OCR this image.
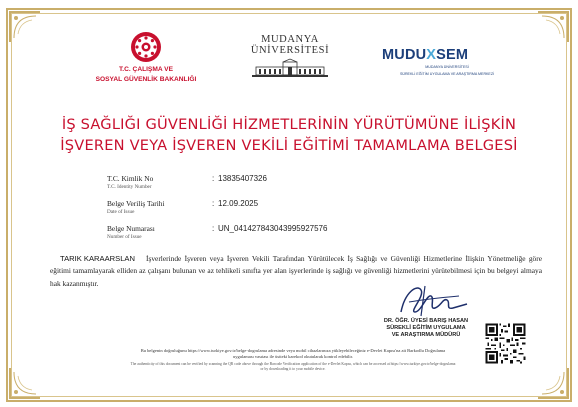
T.C. ÇALIŞMA VE
SOSYAL GÜVENLİK BAKANLIĞI
MUDANYA
ÜNİVERSİTESİ	MUDUXSEM
MUDANYA ÜNİVERSİTESİ
SÜREKLİ EĞİTİM UYGULAMA VE ARAŞTIRMA MERKEZİ
İŞ SAĞLIĞI GÜVENLİĞİ HİZMETLERİNİN YÜRÜTÜMÜNE İLİŞKİN
İŞVEREN VEYA İŞVEREN VEKİLİ EĞİTİMİ TAMAMLAMA BELGESİ
T.C. Kimlik No
T.C. Identity Number
: 13835407326
Belge Veriliş Tarihi
Date of Issue
: 12.09.2025
Belge Numarası
Number of Issue
: UN_041427843043995927576
TARIK KARAARSLAN	İşverlerinde İşveren veya İşveren Vekili Tarafından Yürütülecek İş Sağlığı ve Güvenliği Hizmetlerine İlişkin Yönetmeliğe göre eğitimi tamamlayarak elliden az çalışanı bulunan ve az tehlikeli sınıfta yer alan işyerlerinde iş sağlığı ve güvenliği hizmetlerini yürütebilmesi için bu belgeyi almaya hak kazanmıştır.
DR. ÖĞR. ÜYESİ BARIŞ HASAN
SÜREKLİ EĞİTİM UYGULAMA
VE ARAŞTIRMA MÜDÜRÜ
Bu belgenin doğruluğunu https://www.turkiye.gov.tr/belge-dogrulama adresinde veya mobil cihazlarınıza yükleyebileceğiniz e-Devlet Kapısı'na ait Barkodlu Doğrulama uygulaması vasıtası ile üstteki karekod okutularak kontrol edebilir.
The authenticity of this document can be verified by scanning the QR code above through the Barcode Verification application of the e-Devlet Kapısı, which can be accessed at https://www.turkiye.gov.tr/belge-dogrulama or by downloading it to your mobile device.
